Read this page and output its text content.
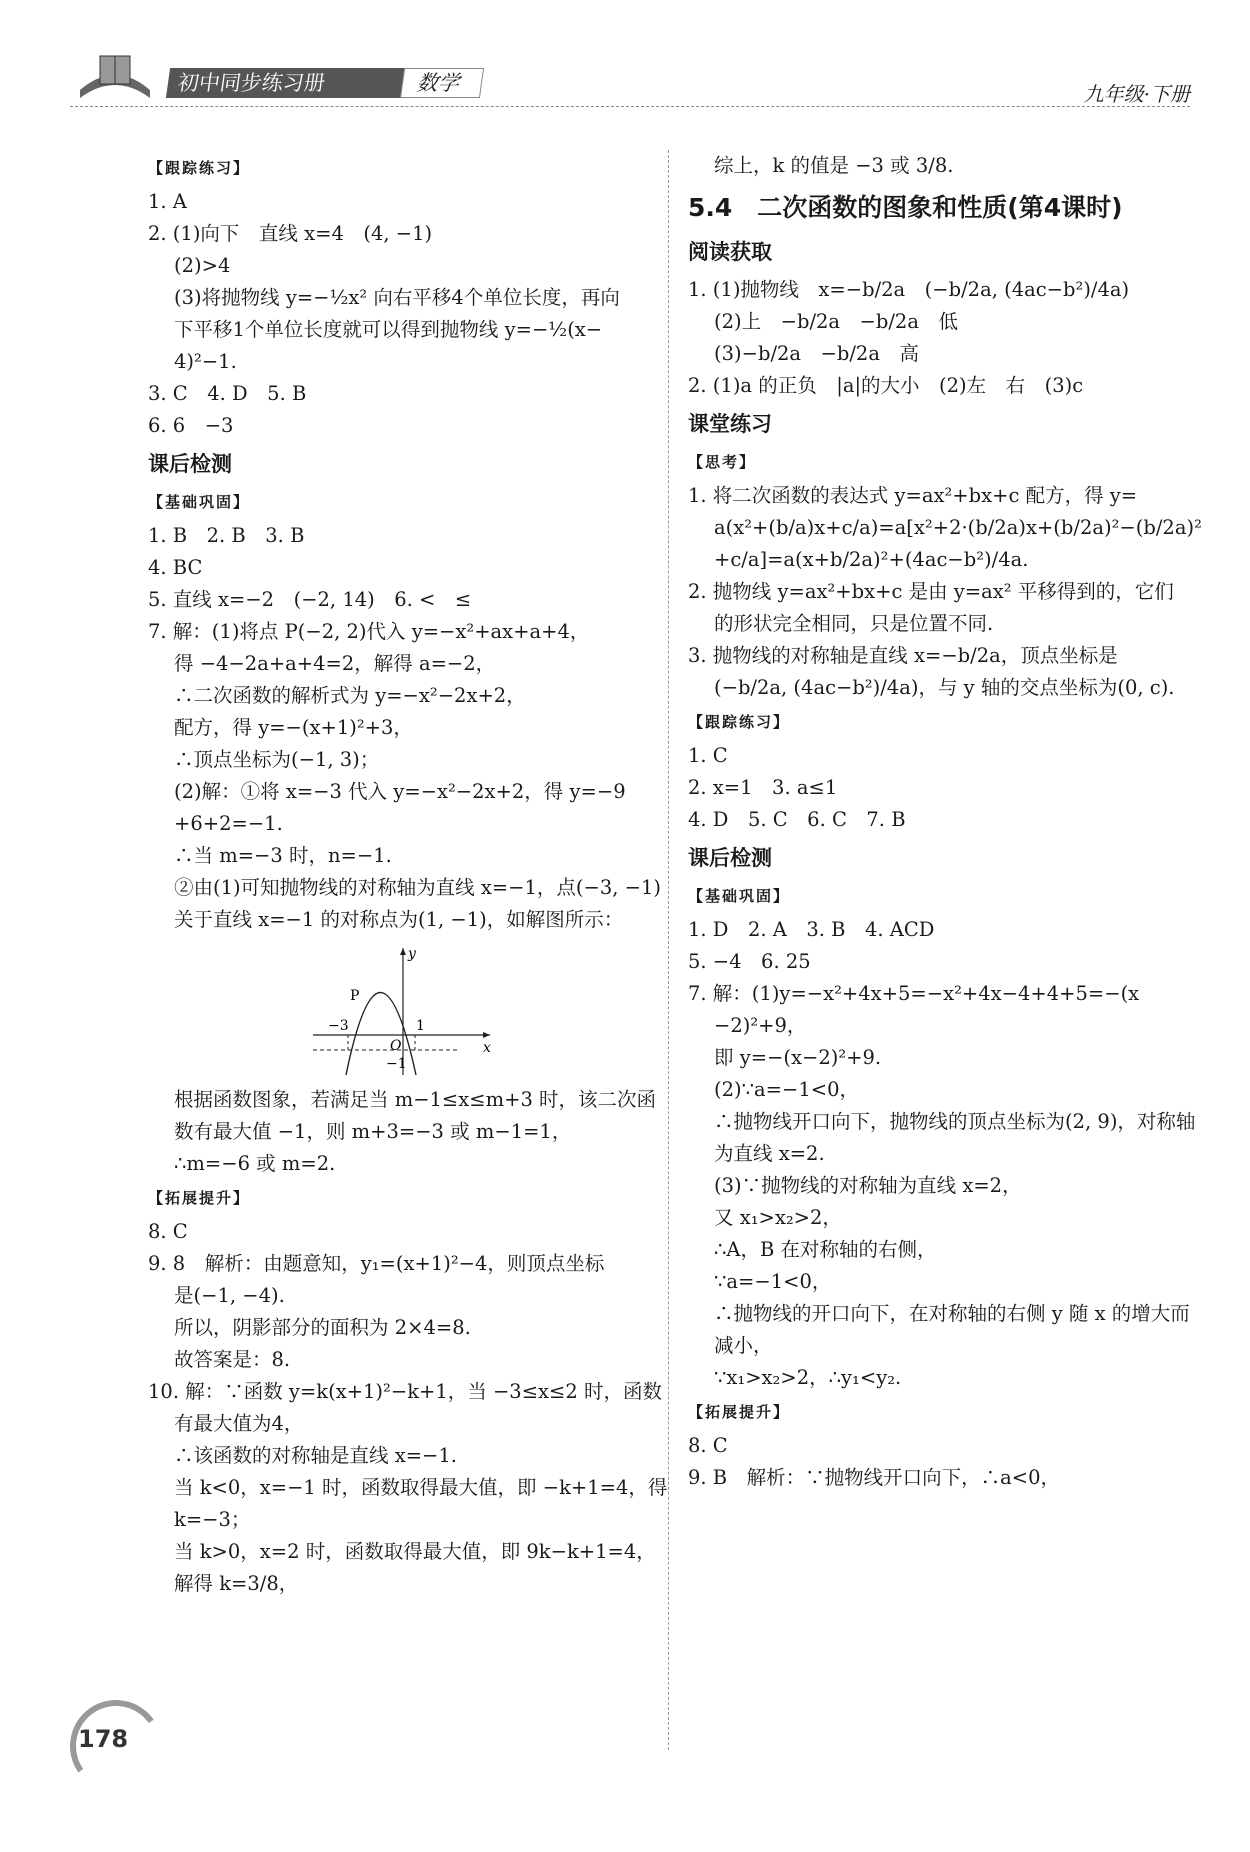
初中同步练习册	数学	九年级·下册
【跟踪练习】
1. A
2. (1)向下　直线 x=4　(4, −1)
(2)>4
(3)将抛物线 y=−½x² 向右平移4个单位长度，再向
下平移1个单位长度就可以得到抛物线 y=−½(x−
4)²−1.
3. C　4. D　5. B
6. 6　−3
课后检测
【基础巩固】
1. B　2. B　3. B
4. BC
5. 直线 x=−2　(−2, 14)　6. <　≤
7. 解：(1)将点 P(−2, 2)代入 y=−x²+ax+a+4，
得 −4−2a+a+4=2，解得 a=−2，
∴二次函数的解析式为 y=−x²−2x+2，
配方，得 y=−(x+1)²+3，
∴顶点坐标为(−1, 3)；
(2)解：①将 x=−3 代入 y=−x²−2x+2，得 y=−9
+6+2=−1.
∴当 m=−3 时，n=−1.
②由(1)可知抛物线的对称轴为直线 x=−1，点(−3, −1)
关于直线 x=−1 的对称点为(1, −1)，如解图所示：
y
x
O
P
−3	1
−1
根据函数图象，若满足当 m−1≤x≤m+3 时，该二次函
数有最大值 −1，则 m+3=−3 或 m−1=1，
∴m=−6 或 m=2.
【拓展提升】
8. C
9. 8　解析：由题意知，y₁=(x+1)²−4，则顶点坐标
是(−1, −4).
所以，阴影部分的面积为 2×4=8.
故答案是：8.
10. 解：∵函数 y=k(x+1)²−k+1，当 −3≤x≤2 时，函数
有最大值为4，
∴该函数的对称轴是直线 x=−1.
当 k<0，x=−1 时，函数取得最大值，即 −k+1=4，得
k=−3；
当 k>0，x=2 时，函数取得最大值，即 9k−k+1=4，
解得 k=3/8，
综上，k 的值是 −3 或 3/8.
5.4　二次函数的图象和性质(第4课时)
阅读获取
1. (1)抛物线　x=−b/2a　(−b/2a, (4ac−b²)/4a)
(2)上　−b/2a　−b/2a　低
(3)−b/2a　−b/2a　高
2. (1)a 的正负　|a|的大小　(2)左　右　(3)c
课堂练习
【思考】
1. 将二次函数的表达式 y=ax²+bx+c 配方，得 y=
a(x²+(b/a)x+c/a)=a[x²+2·(b/2a)x+(b/2a)²−(b/2a)²
+c/a]=a(x+b/2a)²+(4ac−b²)/4a.
2. 抛物线 y=ax²+bx+c 是由 y=ax² 平移得到的，它们
的形状完全相同，只是位置不同.
3. 抛物线的对称轴是直线 x=−b/2a，顶点坐标是
(−b/2a, (4ac−b²)/4a)，与 y 轴的交点坐标为(0, c).
【跟踪练习】
1. C
2. x=1　3. a≤1
4. D　5. C　6. C　7. B
课后检测
【基础巩固】
1. D　2. A　3. B　4. ACD
5. −4　6. 25
7. 解：(1)y=−x²+4x+5=−x²+4x−4+4+5=−(x
−2)²+9，
即 y=−(x−2)²+9.
(2)∵a=−1<0，
∴抛物线开口向下，抛物线的顶点坐标为(2, 9)，对称轴
为直线 x=2.
(3)∵抛物线的对称轴为直线 x=2，
又 x₁>x₂>2，
∴A，B 在对称轴的右侧，
∵a=−1<0，
∴抛物线的开口向下，在对称轴的右侧 y 随 x 的增大而
减小，
∵x₁>x₂>2，∴y₁<y₂.
【拓展提升】
8. C
9. B　解析：∵抛物线开口向下，∴a<0，
178
